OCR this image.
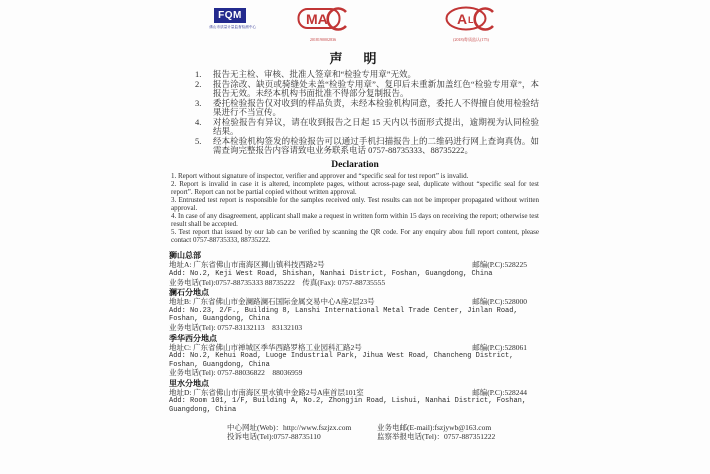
FQM
佛山市质量计量监督检测中心	MA
2018190002836
A L
(2018)粤质监认(175)
声　明
1.	报告无主检、审核、批准人签章和“检验专用章”无效。
2.	报告涂改、缺页或骑缝处未盖“检验专用章”、复印后未重新加盖红色“检验专用章”，本报告无效。未经本机构书面批准不得部分复制报告。
3.	委托检验报告仅对收到的样品负责，未经本检验机构同意，委托人不得擅自使用检验结果进行不当宣传。
4.	对检验报告有异议，请在收到报告之日起 15 天内以书面形式提出，逾期视为认同检验结果。
5.	经本检验机构签发的检验报告可以通过手机扫描报告上的二维码进行网上查询真伪。如需查询完整报告内容请致电业务联系电话 0757-88735333、88735222。
Declaration
1. Report without signature of inspector, verifier and approver and “specific seal for test report” is invalid.
2. Report is invalid in case it is altered, incomplete pages, without across-page seal, duplicate without “specific seal for test report”. Report can not be partial copied without written approval.
3. Entrusted test report is responsible for the samples received only. Test results can not be improper propagated without written approval.
4. In case of any disagreement, applicant shall make a request in written form within 15 days on receiving the report; otherwise test result shall be accepted.
5. Test report that issued by our lab can be verified by scanning the QR code. For any enquiry abou full report content, please contact 0757-88735333, 88735222.
狮山总部
地址A: 广东省佛山市南海区狮山镇科技西路2号	邮编(P.C):528225
Add: No.2, Keji West Road, Shishan, Nanhai District, Foshan, Guangdong, China
业务电话(Tel):0757-88735333 88735222　传真(Fax): 0757-88735555
澜石分地点
地址B: 广东省佛山市金澜路澜石国际金属交易中心A座2层23号	邮编(P.C):528000
Add: No.23, 2/F., Building 8, Lanshi International Metal Trade Center, Jinlan Road, Foshan, Guangdong, China
业务电话(Tel): 0757-83132113　83132103
季华西分地点
地址C: 广东省佛山市禅城区季华西路罗格工业园科汇路2号	邮编(P.C):528061
Add: No.2, Kehui Road, Luoge Industrial Park, Jihua West Road, Chancheng District, Foshan, Guangdong, China
业务电话(Tel): 0757-88036822　88036959
里水分地点
地址D: 广东省佛山市南海区里水镇中金路2号A座首层101室	邮编(P.C):528244
Add: Room 101, 1/F, Building A, No.2, Zhongjin Road, Lishui, Nanhai District, Foshan, Guangdong, China
中心网址(Web)：http://www.fszjzx.com	业务电邮(E-mail):fszjywb@163.com
投诉电话(Tel):0757-88735110	监察举报电话(Tel)：0757-887351222
